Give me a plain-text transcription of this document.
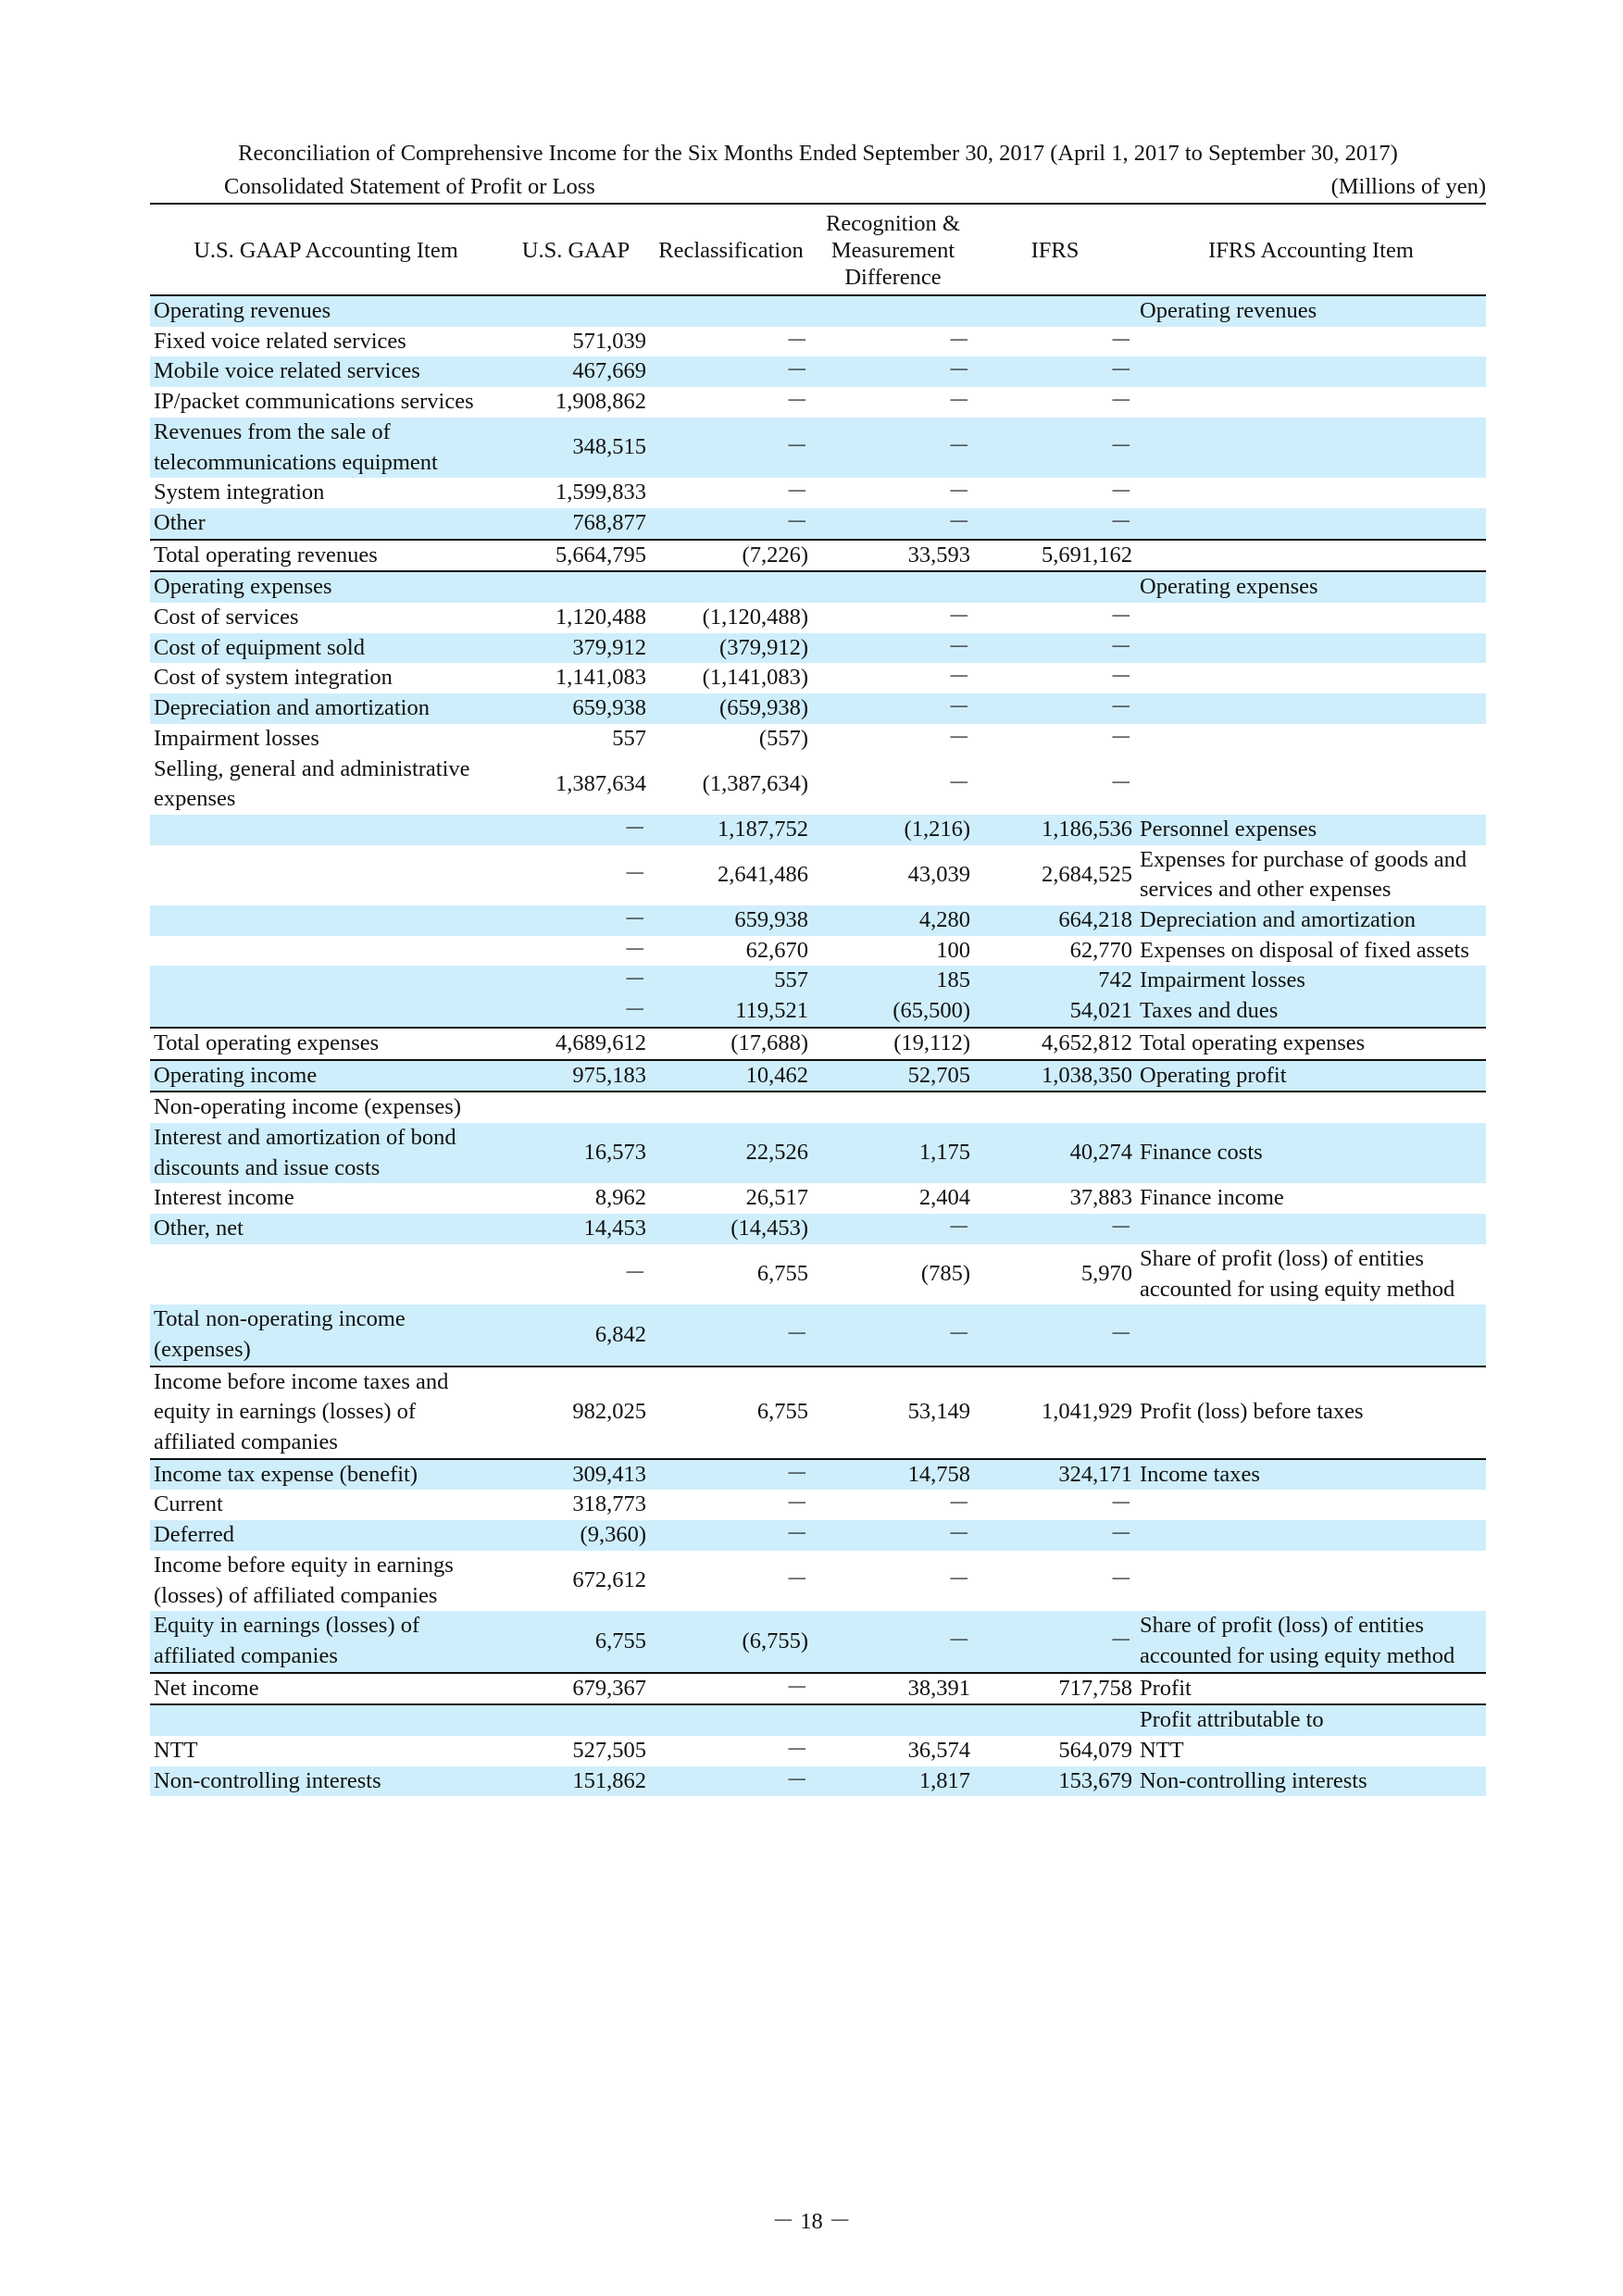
Reconciliation of Comprehensive Income for the Six Months Ended September 30, 2017 (April 1, 2017 to September 30, 2017)
Consolidated Statement of Profit or Loss	(Millions of yen)
U.S. GAAP Accounting Item	U.S. GAAP	Reclassification	Recognition & Measurement Difference	IFRS	IFRS Accounting Item
Operating revenues					Operating revenues
Fixed voice related services	571,039	－	－	－	
Mobile voice related services	467,669	－	－	－	
IP/packet communications services	1,908,862	－	－	－	
Revenues from the sale of telecommunications equipment	348,515	－	－	－	
System integration	1,599,833	－	－	－	
Other	768,877	－	－	－	
Total operating revenues	5,664,795	(7,226)	33,593	5,691,162	
Operating expenses					Operating expenses
Cost of services	1,120,488	(1,120,488)	－	－	
Cost of equipment sold	379,912	(379,912)	－	－	
Cost of system integration	1,141,083	(1,141,083)	－	－	
Depreciation and amortization	659,938	(659,938)	－	－	
Impairment losses	557	(557)	－	－	
Selling, general and administrative expenses	1,387,634	(1,387,634)	－	－	
	－	1,187,752	(1,216)	1,186,536	Personnel expenses
	－	2,641,486	43,039	2,684,525	Expenses for purchase of goods and services and other expenses
	－	659,938	4,280	664,218	Depreciation and amortization
	－	62,670	100	62,770	Expenses on disposal of fixed assets
	－	557	185	742	Impairment losses
	－	119,521	(65,500)	54,021	Taxes and dues
Total operating expenses	4,689,612	(17,688)	(19,112)	4,652,812	Total operating expenses
Operating income	975,183	10,462	52,705	1,038,350	Operating profit
Non-operating income (expenses)					
Interest and amortization of bond discounts and issue costs	16,573	22,526	1,175	40,274	Finance costs
Interest income	8,962	26,517	2,404	37,883	Finance income
Other, net	14,453	(14,453)	－	－	
	－	6,755	(785)	5,970	Share of profit (loss) of entities accounted for using equity method
Total non-operating income (expenses)	6,842	－	－	－	
Income before income taxes and equity in earnings (losses) of affiliated companies	982,025	6,755	53,149	1,041,929	Profit (loss) before taxes
Income tax expense (benefit)	309,413	－	14,758	324,171	Income taxes
Current	318,773	－	－	－	
Deferred	(9,360)	－	－	－	
Income before equity in earnings (losses) of affiliated companies	672,612	－	－	－	
Equity in earnings (losses) of affiliated companies	6,755	(6,755)	－	－	Share of profit (loss) of entities accounted for using equity method
Net income	679,367	－	38,391	717,758	Profit
					Profit attributable to
NTT	527,505	－	36,574	564,079	NTT
Non-controlling interests	151,862	－	1,817	153,679	Non-controlling interests
－ 18 －
